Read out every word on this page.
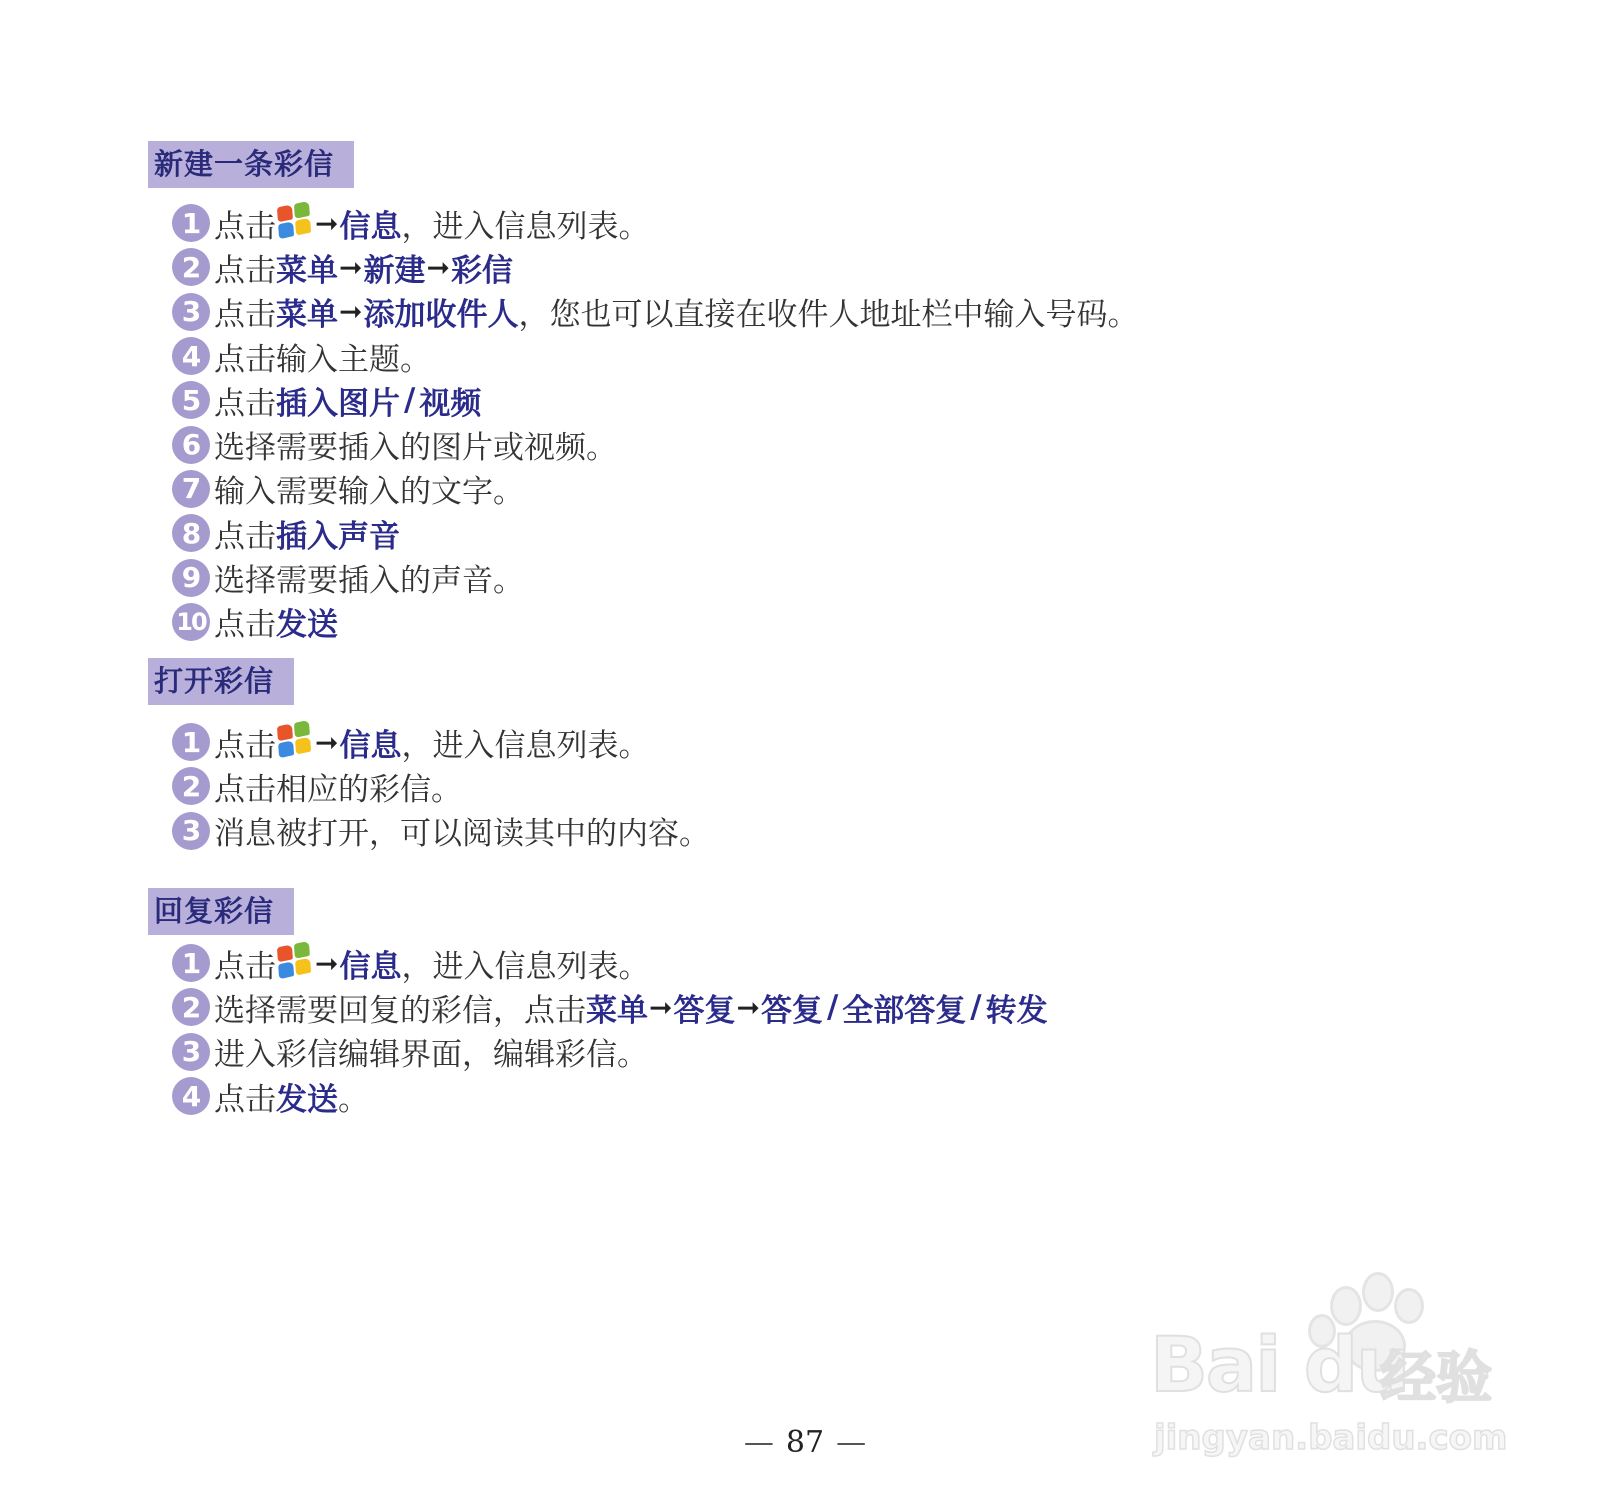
新建一条彩信
1 点击 ➞ 信息 ，进入信息列表。
2 点击 菜单 ➞ 新建 ➞ 彩信
3 点击 菜单 ➞ 添加收件人 ，您也可以直接在收件人地址栏中输入号码。
4 点击输入主题。
5 点击 插入图片 / 视频
6 选择需要插入的图片或视频。
7 输入需要输入的文字。
8 点击 插入声音
9 选择需要插入的声音。
10 点击 发送
打开彩信
1 点击 ➞ 信息 ，进入信息列表。
2 点击相应的彩信。
3 消息被打开，可以阅读其中的内容。
回复彩信
1 点击 ➞ 信息 ，进入信息列表。
2 选择需要回复的彩信，点击 菜单 ➞ 答复 ➞ 答复 / 全部答复 / 转发
3 进入彩信编辑界面，编辑彩信。
4 点击 发送 。
— 87 —
Bai du
经验
jingyan.baidu.com
